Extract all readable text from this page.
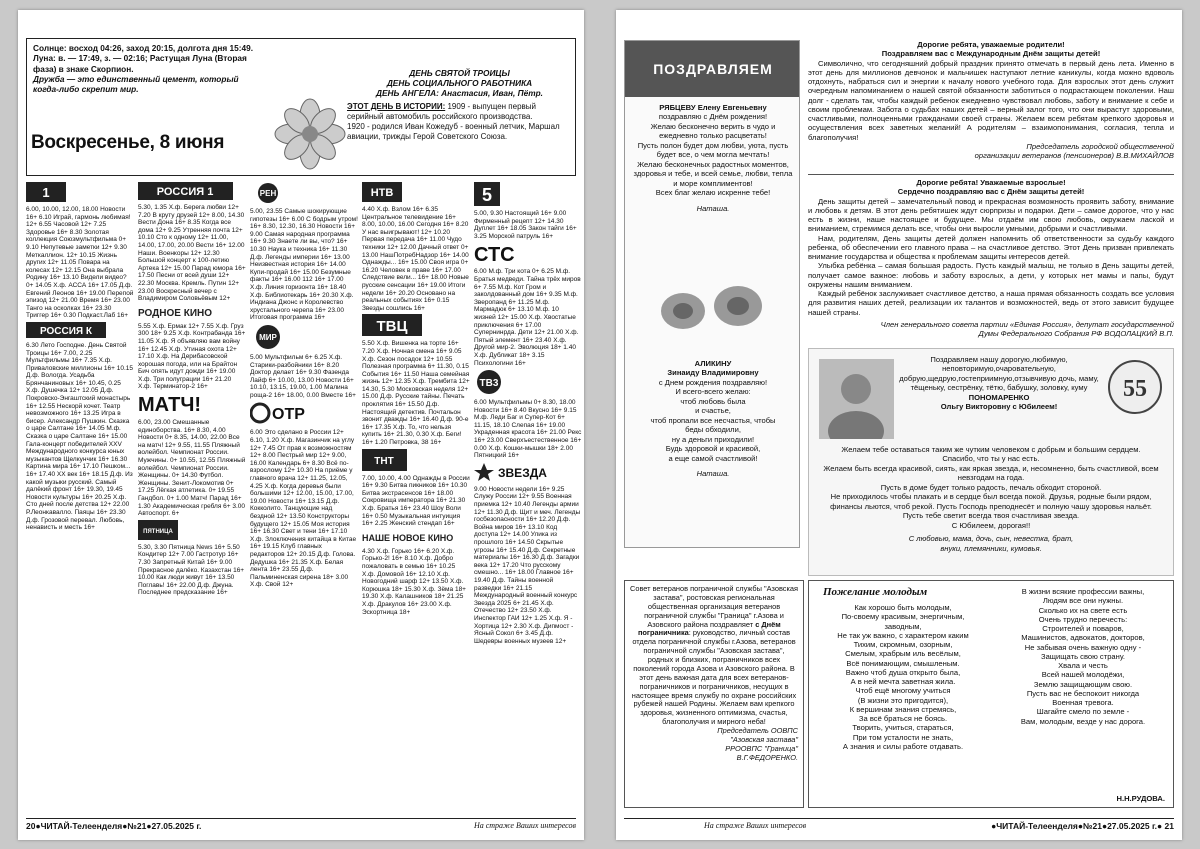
Солнце: восход 04:26, заход 20:15, долгота дня 15:49.

Луна: в. — 17:49, з. — 02:16; Растущая Луна (Вторая фаза) в знаке Скорпион.

Дружба — это единственный цемент, который когда-либо скрепит мир.

Воскресенье, 8 июня

ДЕНЬ СВЯТОЙ ТРОИЦЫ

ДЕНЬ СОЦИАЛЬНОГО РАБОТНИКА

ДЕНЬ АНГЕЛА: Анастасия, Иван, Пётр.

ЭТОТ ДЕНЬ В ИСТОРИИ: 1909 - выпущен первый серийный автомобиль российского производства.

1920 - родился Иван Кожедуб - военный летчик, Маршал авиации, трижды Герой Советского Союза.

1

6.00, 10.00, 12.00, 18.00 Новости 16+ 6.10 Играй, гармонь любимая! 12+ 6.55 Часовой 12+ 7.25 Здоровье 16+ 8.30 Золотая коллекция Союзмультфильма 0+ 9.10 Непутевые заметки 12+ 9.30 Меткаллион. 12+ 10.15 Жизнь других 12+ 11.05 Повара на колесах 12+ 12.15 Она выбрала Родину 16+ 13.10 Видели видео? 0+ 14.05 Х.ф. АССА 16+ 17.05 Д.ф. Евгений Леонов 16+ 19.00 Перепой эпизод 12+ 21.00 Время 16+ 23.00 Танго на осколках 16+ 23.30 Триггер 16+ 0.30 Подкаст.Лаб 16+

РОССИЯ К

6.30 Лето Господне. День Святой Троицы 16+ 7.00, 2.25 Мультфильмы 16+ 7.35 Х.ф. Приваловские миллионы 16+ 10.15 Д.ф. Вологда. Усадьба Брянчаниновых 16+ 10.45, 0.25 Х.ф. Душечка 12+ 12.05 Д.ф. Покровско-Энгаштский монастырь 16+ 12.55 Нескорй кочет. Театр невозможного 16+ 13.25 Игра в бисер. Александр Пушкин. Сказка о царе Салтане 16+ 14.05 М.ф. Сказка о царе Салтане 16+ 15.00 Гала-концерт победителей XXV Международного конкурса юных музыкантов Щелкунчик 16+ 16.30 Картина мира 16+ 17.10 Пешком... 16+ 17.40 XX век 16+ 18.15 Д.ф. Из какой музыки русский. Самый далёкий фронт 16+ 19.30, 19.45 Новости культуры 16+ 20.25 Х.ф. Сто дней после детства 12+ 22.00 Р.Леонкавалло. Паяцы 16+ 23.30 Д.ф. Грозовой перевал. Любовь, ненависть и месть 16+

РОССИЯ 1

5.30, 1.35 Х.ф. Берега любви 12+ 7.20 В круту друзей 12+ 8.00, 14.30 Вести Дона 16+ 8.35 Когда все дома 12+ 9.25 Утренняя почта 12+ 10.10 Сто к одному 12+ 11.00, 14.00, 17.00, 20.00 Вести 16+ 12.00 Наши. Военкоры 12+ 12.30 Большой концерт к 100-летию Артека 12+ 15.00 Парад юмора 16+ 17.50 Песни от всей души 12+ 22.30 Москва. Кремль. Путин 12+ 23.00 Воскресный вечер с Владимиром Соловьёвым 12+

РОДНОЕ КИНО

5.55 Х.ф. Ермак 12+ 7.55 Х.ф. Груз 300 18+ 9.25 Х.ф. Контрабанда 16+ 11.05 Х.ф. Я объявляю вам войну 16+ 12.45 Х.ф. Утиная охота 12+ 17.10 Х.ф. На Дерибасовской хорошая погода, или на Брайтон Бич опять идут дожди 16+ 19.00 Х.ф. Три полуграции 16+ 21.20 Х.ф. Терминатор-2 16+

МАТЧ!

6.00, 23.00 Смешанные единоборства. 16+ 8.30, 4.00 Новости 0+ 8.35, 14.00, 22.00 Все на матч! 12+ 9.55, 11.55 Пляжный волейбол. Чемпионат России. Мужчины. 0+ 10.55, 12.55 Пляжный волейбол. Чемпионат России. Женщины. 0+ 14.30 Футбол. Женщины. Зенит-Локомотив 0+ 17.25 Лёгкая атлетика. 0+ 19.55 Гандбол. 0+ 1.00 Матч! Парад 16+ 1.30 Академическая гребля 6+ 3.00 Автоспорт. 6+

ПЯТНИЦА

5.30, 3.30 Пятница News 16+ 5.50 Кондитер 12+ 7.00 Гастротур 16+ 7.30 Запретный Китай 16+ 9.00 Прекрасное далёко. Казахстан 16+ 10.00 Как люди живут 16+ 13.50 Поглавь! 16+ 22.00 Д.ф. Джуна. Последнее предсказание 16+

РЕН

5.00, 23.55 Самые шокирующие гипотезы 16+ 6.00 С бодрым утром! 16+ 8.30, 12.30, 16.30 Новости 16+ 9.00 Самая народная программа 16+ 9.30 Знаете ли вы, что? 16+ 10.30 Наука и техника 16+ 11.30 Д.ф. Легенды империи 16+ 13.00 Неизвестная история 16+ 14.00 Купи-продай 16+ 15.00 Безумные факты 16+ 16.00 112 16+ 17.00 Х.ф. Линия горизонта 16+ 18.40 Х.ф. Библиотекарь 16+ 20.30 Х.ф. Индиана Джонс и Королевство хрустального черепа 16+ 23.00 Итоговая программа 16+

МИР

5.00 Мультфильм 6+ 6.25 Х.ф. Старики-разбойники 16+ 8.20 Доктор делает 16+ 9.30 Фазенда Лайф 6+ 10.00, 13.00 Новости 16+ 10.10, 13.15, 19.00, 1.00 Малина роща-2 16+ 18.00, 0.00 Вместе 16+

ОТР

6.00 Это сделано в России 12+ 6.10, 1.20 Х.ф. Магазинчик на углу 12+ 7.45 От прав к возможностям 12+ 8.00 Пестрый мир 12+ 9.00, 16.00 Календарь 6+ 8.30 Всё по-взрослому 12+ 10.30 На приёме у главного врача 12+ 11.25, 12.05, 4.25 Х.ф. Когда деревья были большими 12+ 12.00, 15.00, 17.00, 19.00 Новости 16+ 13.15 Д.ф. Кокколито. Танцующие над бездной 12+ 13.50 Конструкторы будущего 12+ 15.05 Моя история 16+ 16.30 Свет и тени 16+ 17.10 Х.ф. Злоключения китайца в Китае 16+ 19.15 Клуб главных редакторов 12+ 20.15 Д.ф. Голова. Дедушка 16+ 21.35 Х.ф. Белая лента 16+ 23.55 Д.ф. Пальминенская сирена 18+ 3.00 Х.ф. Свой 12+

НТВ

4.40 Х.ф. Взлом 16+ 6.35 Центральное телевидение 16+ 8.00, 10.00, 16.00 Сегодня 16+ 8.20 У нас выигрывают! 12+ 10.20 Первая передача 16+ 11.00 Чудо техники 12+ 12.00 Дачный ответ 0+ 13.00 НашПотребНадзор 16+ 14.00 Однажды... 16+ 15.00 Своя игра 0+ 16.20 Человек в праве 16+ 17.00 Следствие вели... 16+ 18.00 Новые русские сенсации 16+ 19.00 Итоги недели 16+ 20.20 Основано на реальных событиях 16+ 0.15 Звезды сошлись 16+

ТВЦ

5.50 Х.ф. Вишенка на торте 16+ 7.20 Х.ф. Ночная смена 16+ 9.05 Х.ф. Сезон посадок 12+ 10.55 Полезная программа 6+ 11.30, 0.15 События 16+ 11.50 Наша семейная жизнь 12+ 12.35 Х.ф. Трембита 12+ 14.30, 5.30 Московская неделя 12+ 15.00 Д.ф. Русские тайны. Печать проклятия 16+ 15.50 Д.ф. Настоящий детектив. Почтальон звонит дважды 16+ 16.40 Д.ф. 90-е 16+ 17.35 Х.ф. То, что нельзя купить 16+ 21.30, 0.30 Х.ф. Беги! 16+ 1.20 Петровка, 38 16+

ТНТ

7.00, 10.00, 4.00 Однажды в России 16+ 9.30 Битва пикников 16+ 10.30 Битва экстрасенсов 16+ 18.00 Сокровища императора 16+ 21.30 Х.ф. Братья 16+ 23.40 Шоу Воли 16+ 0.50 Музыкальная интуиция 16+ 2.25 Женский стендап 16+

НАШЕ НОВОЕ КИНО

4.30 Х.ф. Горько 16+ 6.20 Х.ф. Горько-2! 16+ 8.10 Х.ф. Добро пожаловать в семью 16+ 10.25 Х.ф. Домовой 16+ 12.10 Х.ф. Новогодний шарф 12+ 13.50 Х.ф. Корюшка 18+ 15.30 Х.ф. Зёма 18+ 19.30 Х.ф. Калашников 18+ 21.25 Х.ф. Дракулов 16+ 23.00 Х.ф. Эскортница 18+

5

5.00, 9.30 Настоящий 16+ 9.00 Фирменный рецепт 12+ 14.30 Дуплет 16+ 18.05 Закон тайги 16+ 3.25 Морской патруль 16+

СТС

6.00 М.ф. Три кота 0+ 6.25 М.ф. Братья медведи. Тайна трёх миров 6+ 7.55 М.ф. Кот Гром и заколдованный дом 16+ 9.35 М.ф. Зверопанд 6+ 11.25 М.ф. Мармадюк 6+ 13.10 М.ф. 10 жизней 12+ 15.00 Х.ф. Хвостатые приключения 6+ 17.00 Супернинрда. Дети 12+ 21.00 Х.ф. Пятый элемент 16+ 23.40 Х.ф. Другой мир-2. Эволюция 18+ 1.40 Х.ф. Дубликат 18+ 3.15 Психологини 16+

ТВ3

6.00 Мультфильмы 0+ 8.30, 18.00 Новости 16+ 8.40 Вкусно 16+ 9.15 М.ф. Леди Баг и Супер-Кот 6+ 11.15, 18.10 Слепая 16+ 19.00 Украденная красота 16+ 21.00 Рекс 16+ 23.00 Сверхъестественное 16+ 0.00 Х.ф. Кошки-мышки 18+ 2.00 Пятницкий 16+

ЗВЕЗДА

9.00 Новости недели 16+ 9.25 Служу России 12+ 9.55 Военная приемка 12+ 10.40 Легенды армии 12+ 11.30 Д.ф. Щит и меч. Легенды госбезопасности 16+ 12.20 Д.ф. Война миров 16+ 13.10 Код доступа 12+ 14.00 Улика из прошлого 16+ 14.50 Скрытые угрозы 16+ 15.40 Д.ф. Секретные материалы 16+ 16.30 Д.ф. Загадки века 12+ 17.20 Что русскому смешно... 16+ 18.00 Главное 16+ 19.40 Д.ф. Тайны военной разведки 16+ 21.15 Международный военный конкурс Звезда 2025 6+ 21.45 Х.ф. Отечество 12+ 23.50 Х.ф. Инспектор ГАИ 12+ 1.25 Х.ф. Я - Хортица 12+ 2.30 Х.ф. Дипмост - Ясный Сокол 6+ 3.45 Д.ф. Шедевры военных музеев 12+

20●ЧИТАЙ-Телеенделя●№21●27.05.2025 г.	На страже Ваших интересов
ПОЗДРАВЛЯЕМ

РЯБЦЕВУ Елену Евгеньевну

поздравляю с Днём рождения!

Желаю бесконечно верить в чудо и ежедневно только расцветать!

Пусть полон будет дом любви, уюта, пусть будет все, о чем могла мечтать!

Желаю бесконечных радостных моментов, здоровья и тебе, и всей семье, любви, тепла и море комплиментов!

Всех благ желаю искренне тебе!

Наташа.

АЛИКИНУ

Зинаиду Владимировну

с Днем рождения поздравляю!

И всего-всего желаю:

чтоб любовь была

и счастье,

чтоб пропали все несчастья, чтобы

беды обходили,

ну а деньги приходили!

Будь здоровой и красивой,

а еще самой счастливой!

Наташа.

Дорогие ребята, уважаемые родители!

Поздравляем вас с Международным Днём защиты детей!

Символично, что сегодняшний добрый праздник принято отмечать в первый день лета. Именно в этот день для миллионов девчонок и мальчишек наступают летние каникулы, когда можно вдоволь отдохнуть, набраться сил и энергии к началу нового учебного года. Для взрослых этот день служит очередным напоминанием о нашей святой обязанности заботиться о подрастающем поколении. Наш долг - сделать так, чтобы каждый ребенок ежедневно чувствовал любовь, заботу и внимание к себе и своим проблемам. Забота о судьбах наших детей – верный залог того, что они вырастут здоровыми, счастливыми, полноценными гражданами своей страны. Желаем всем ребятам крепкого здоровья и осуществления всех заветных желаний! А родителям – взаимопонимания, согласия, тепла и благополучия!

Председатель городской общественной

организации ветеранов (пенсионеров) В.В.МИХАЙЛОВ

Дорогие ребята! Уважаемые взрослые!

Сердечно поздравляю вас с Днём защиты детей!

День защиты детей – замечательный повод и прекрасная возможность проявить заботу, внимание и любовь к детям. В этот день ребятишек ждут сюрпризы и подарки. Дети – самое дорогое, что у нас есть в жизни, наше настоящее и будущее. Мы отдаём им свою любовь, окружаем лаской и вниманием, стремимся делать все, чтобы они выросли умными, добрыми и счастливыми.

Нам, родителям, День защиты детей должен напомнить об ответственности за судьбу каждого ребенка, об обеспечении его главного права – на счастливое детство. Этот День призван привлекать внимание государства и общества к проблемам защиты интересов детей.

Улыбка ребёнка – самая большая радость. Пусть каждый малыш, не только в День защиты детей, получает самое важное: любовь и заботу взрослых, а дети, у которых нет мамы и папы, будут окружены нашим вниманием.

Каждый ребёнок заслуживает счастливое детство, а наша прямая обязанность создать все условия для развития наших детей, реализации их талантов и возможностей, ведь от этого зависит будущее нашей страны.

Член генерального совета партии «Единая Россия», депутат государственной

Думы Федерального Собрания РФ ВОДОЛАЦКИЙ В.П.

55

Поздравляем нашу дорогую,любимую, неповторимую,очаровательную, добрую,щедрую,гостеприимную,отзывчивую дочь, маму, тёщеньку, сестрёнку, тётю, бабушку, золовку, куму

ПОНОМАРЕНКО

Ольгу Викторовну с Юбилеем!

Желаем тебе оставаться таким же чутким человеком с добрым и большим сердцем.

Спасибо, что ты у нас есть.

Желаем быть всегда красивой, сиять, как яркая звезда, и, несомненно, быть счастливой, всем невзгодам на года.

Пусть в доме будет только радость, печаль обходит стороной.

Не приходилось чтобы плакать и в сердце был всегда покой. Друзья, родные были рядом, финансы льются, чтоб рекой. Пусть Господь преподнесёт и полную чашу здоровья нальёт.

Пусть тебе светит всегда твоя счастливая звезда.

С Юбилеем, дорогая!!

С любовью, мама, дочь, сын, невестка, брат,

внуки, племянники, кумовья.

Совет ветеранов пограничной службы "Азовская застава", ростовская региональная общественная организация ветеранов пограничной службы "Граница" г.Азова и Азовского района поздравляет с Днём пограничника: руководство, личный состав отдела пограничной службы г.Азова, ветеранов пограничной службы "Азовская застава", родных и близких, пограничников всех поколений города Азова и Азовского района. В этот день важная дата для всех ветеранов-пограничников и пограничников, несущих в настоящее время службу по охране российских рубежей нашей Родины. Желаем вам крепкого здоровья, жизненного оптимизма, счастья, благополучия и мирного неба!

Председатель ООВПС

"Азовская застава"

РРООВПС "Граница"

В.Г.ФЕДОРЕНКО.

Пожелание молодым

Как хорошо быть молодым,

По-своему красивым, энергичным,

заводным,

Не так уж важно, с характером каким

Тихим, скромным, озорным,

Смелым, храбрым иль весёлым,

Всё понимающим, смышленым.

Важно чтоб душа открыто была,

А в ней мечта заветная жила.

Чтоб ещё многому учиться

(В жизни это пригодится),

К вершинам знания стремясь,

За всё браться не боясь.

Творить, учиться, стараться,

При том усталости не знать,

А знания и силы работе отдавать.

В жизни всякие профессии важны,

Людям все они нужны.

Сколько их на свете есть

Очень трудно перечесть:

Строителей и поваров,

Машинистов, адвокатов, докторов,

Не забывая очень важную одну -

Защищать свою страну.

Хвала и честь

Всей нашей молодёжи,

Землю защищающим свою.

Пусть вас не беспокоит никогда

Военная тревога.

Шагайте смело по земле -

Вам, молодым, везде у нас дорога.

Н.Н.РУДОВА.

На страже Ваших интересов	●ЧИТАЙ-Телеенделя●№21●27.05.2025 г.● 21
